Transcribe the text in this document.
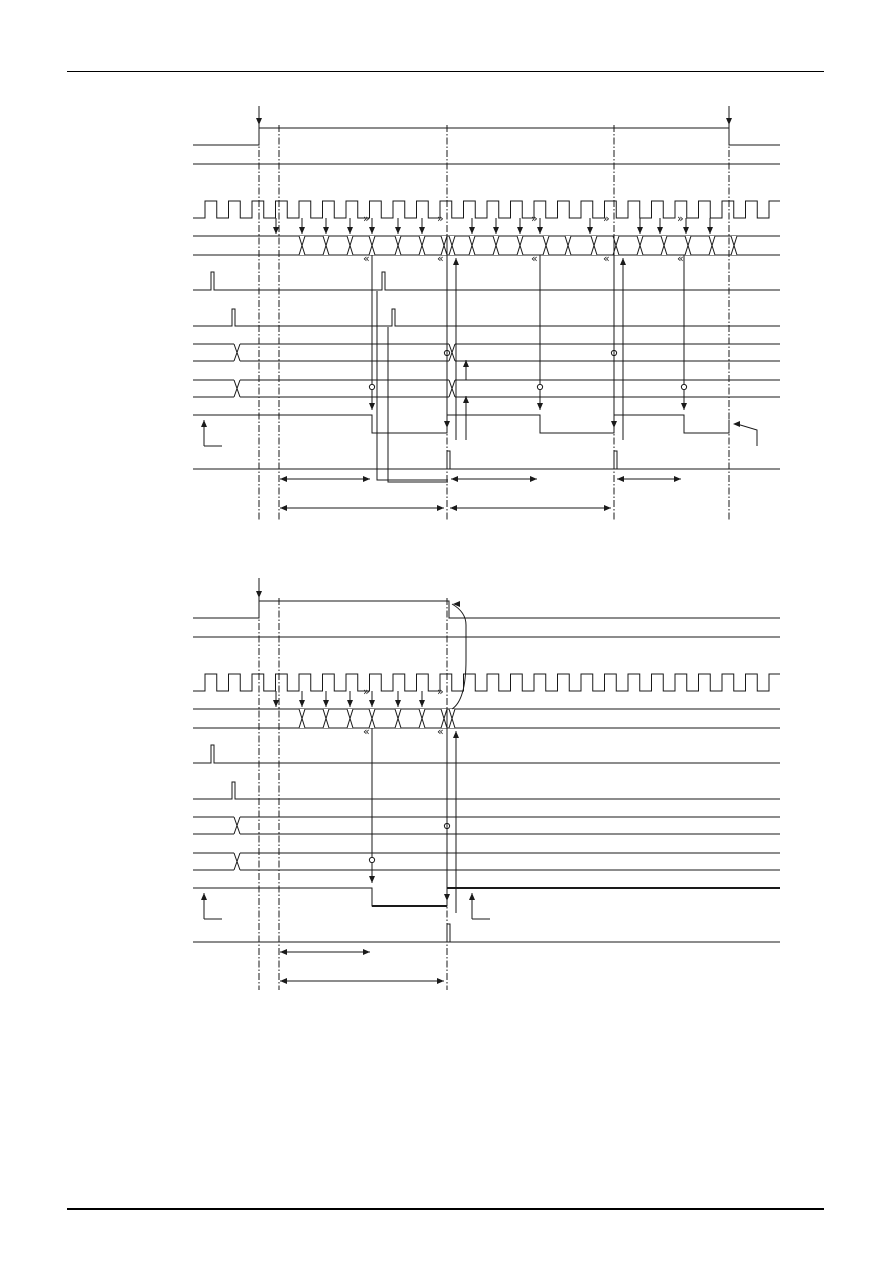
»
«
»
«
»
«
»
«
»
«
»
«
»
«
